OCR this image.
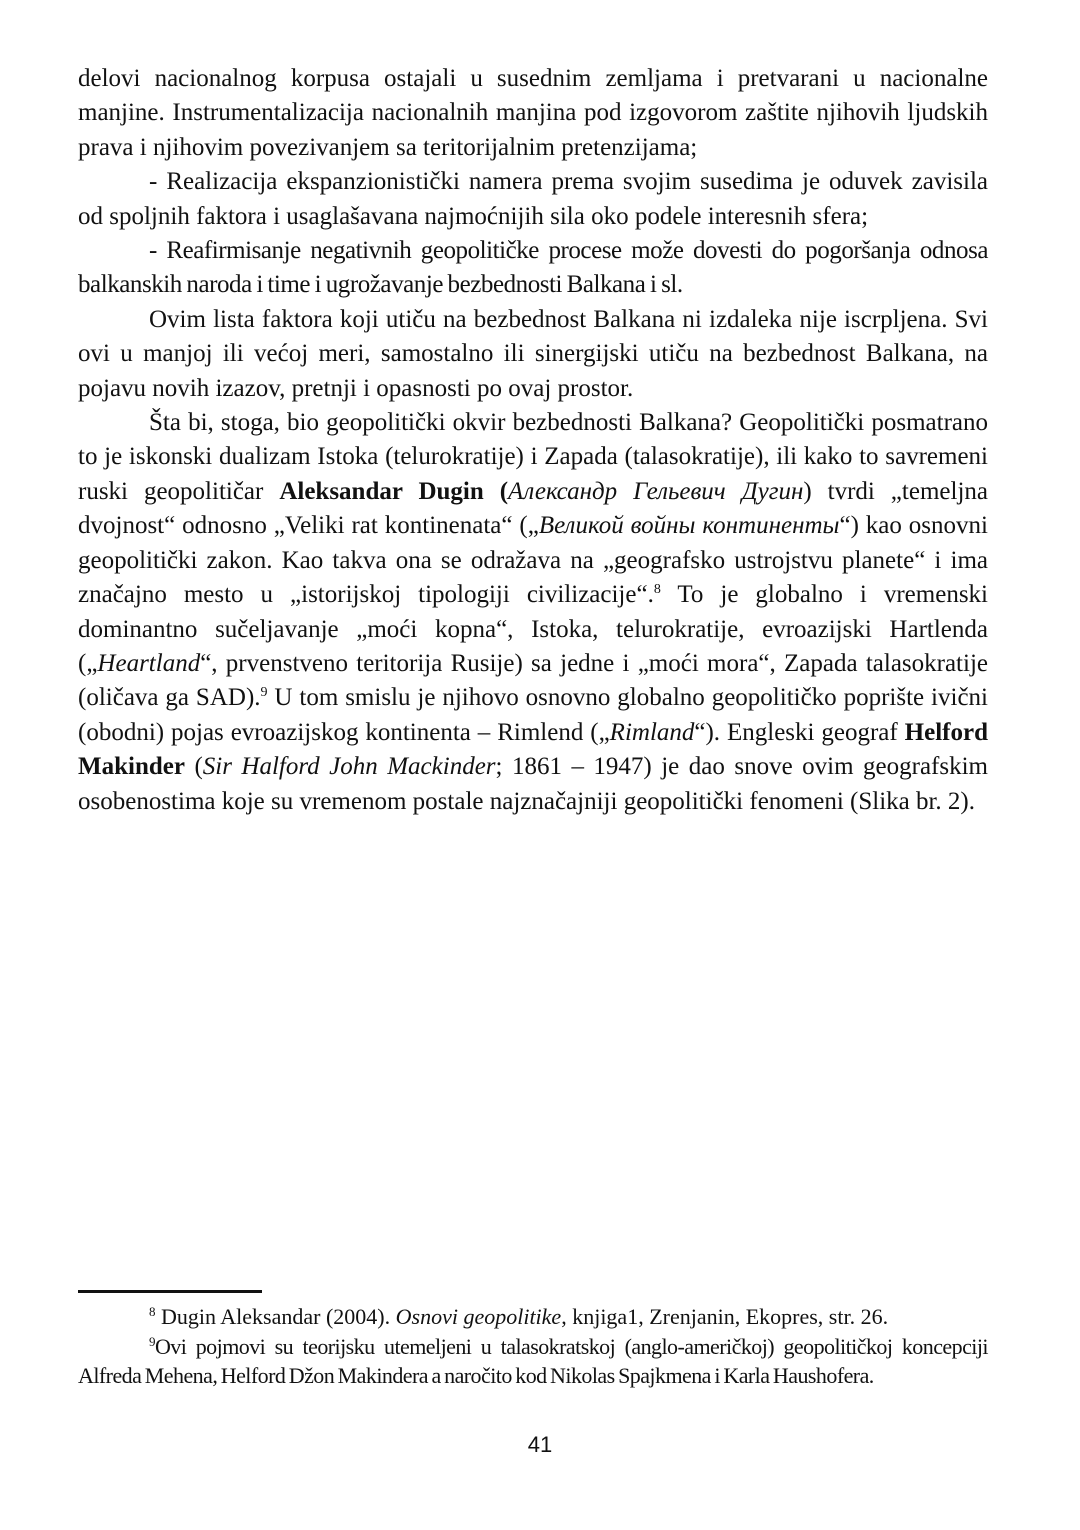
delovi nacionalnog korpusa ostajali u susednim zemljama i pretvarani u nacionalne manjine. Instrumentalizacija nacionalnih manjina pod izgovorom zaštite njihovih ljudskih prava i njihovim povezivanjem sa teritorijalnim pretenzijama;

- Realizacija ekspanzionistički namera prema svojim susedima je oduvek zavisila od spoljnih faktora i usaglašavana najmoćnijih sila oko podele interesnih sfera;

- Reafirmisanje negativnih geopolitičke procese može dovesti do pogoršanja odnosa balkanskih naroda i time i ugrožavanje bezbednosti Balkana i sl.

Ovim lista faktora koji utiču na bezbednost Balkana ni izdaleka nije iscrpljena. Svi ovi u manjoj ili većoj meri, samostalno ili sinergijski utiču na bezbednost Balkana, na pojavu novih izazov, pretnji i opasnosti po ovaj prostor.

Šta bi, stoga, bio geopolitički okvir bezbednosti Balkana? Geopolitički posmatrano to je iskonski dualizam Istoka (telurokratije) i Zapada (talasokratije), ili kako to savremeni ruski geopolitičar Aleksandar Dugin (Александр Гельевич Дугин) tvrdi „temeljna dvojnost“ odnosno „Veliki rat kontinenata“ („Великой войны континенты“) kao osnovni geopolitički zakon. Kao takva ona se odražava na „geografsko ustrojstvu planete“ i ima značajno mesto u „istorijskoj tipologiji civilizacije“.$^8$ To je globalno i vremenski dominantno sučeljavanje „moći kopna“, Istoka, telurokratije, evroazijski Hartlenda („Heartland“, prvenstveno teritorija Rusije) sa jedne i „moći mora“, Zapada talasokratije (oličava ga SAD).$^9$ U tom smislu je njihovo osnovno globalno geopolitičko poprište ivični (obodni) pojas evroazijskog kontinenta – Rimlend („Rimland“). Engleski geograf Helford Makinder (Sir Halford John Mackinder; 1861 – 1947) je dao snove ovim geografskim osobenostima koje su vremenom postale najznačajniji geopolitički fenomeni (Slika br. 2).

$^8$ Dugin Aleksandar (2004). Osnovi geopolitike, knjiga1, Zrenjanin, Ekopres, str. 26.

$^9$Ovi pojmovi su teorijsku utemeljeni u talasokratskoj (anglo-američkoj) geopolitičkoj koncepciji Alfreda Mehena, Helford Džon Makindera a naročito kod Nikolas Spajkmena i Karla Haushofera.

41
